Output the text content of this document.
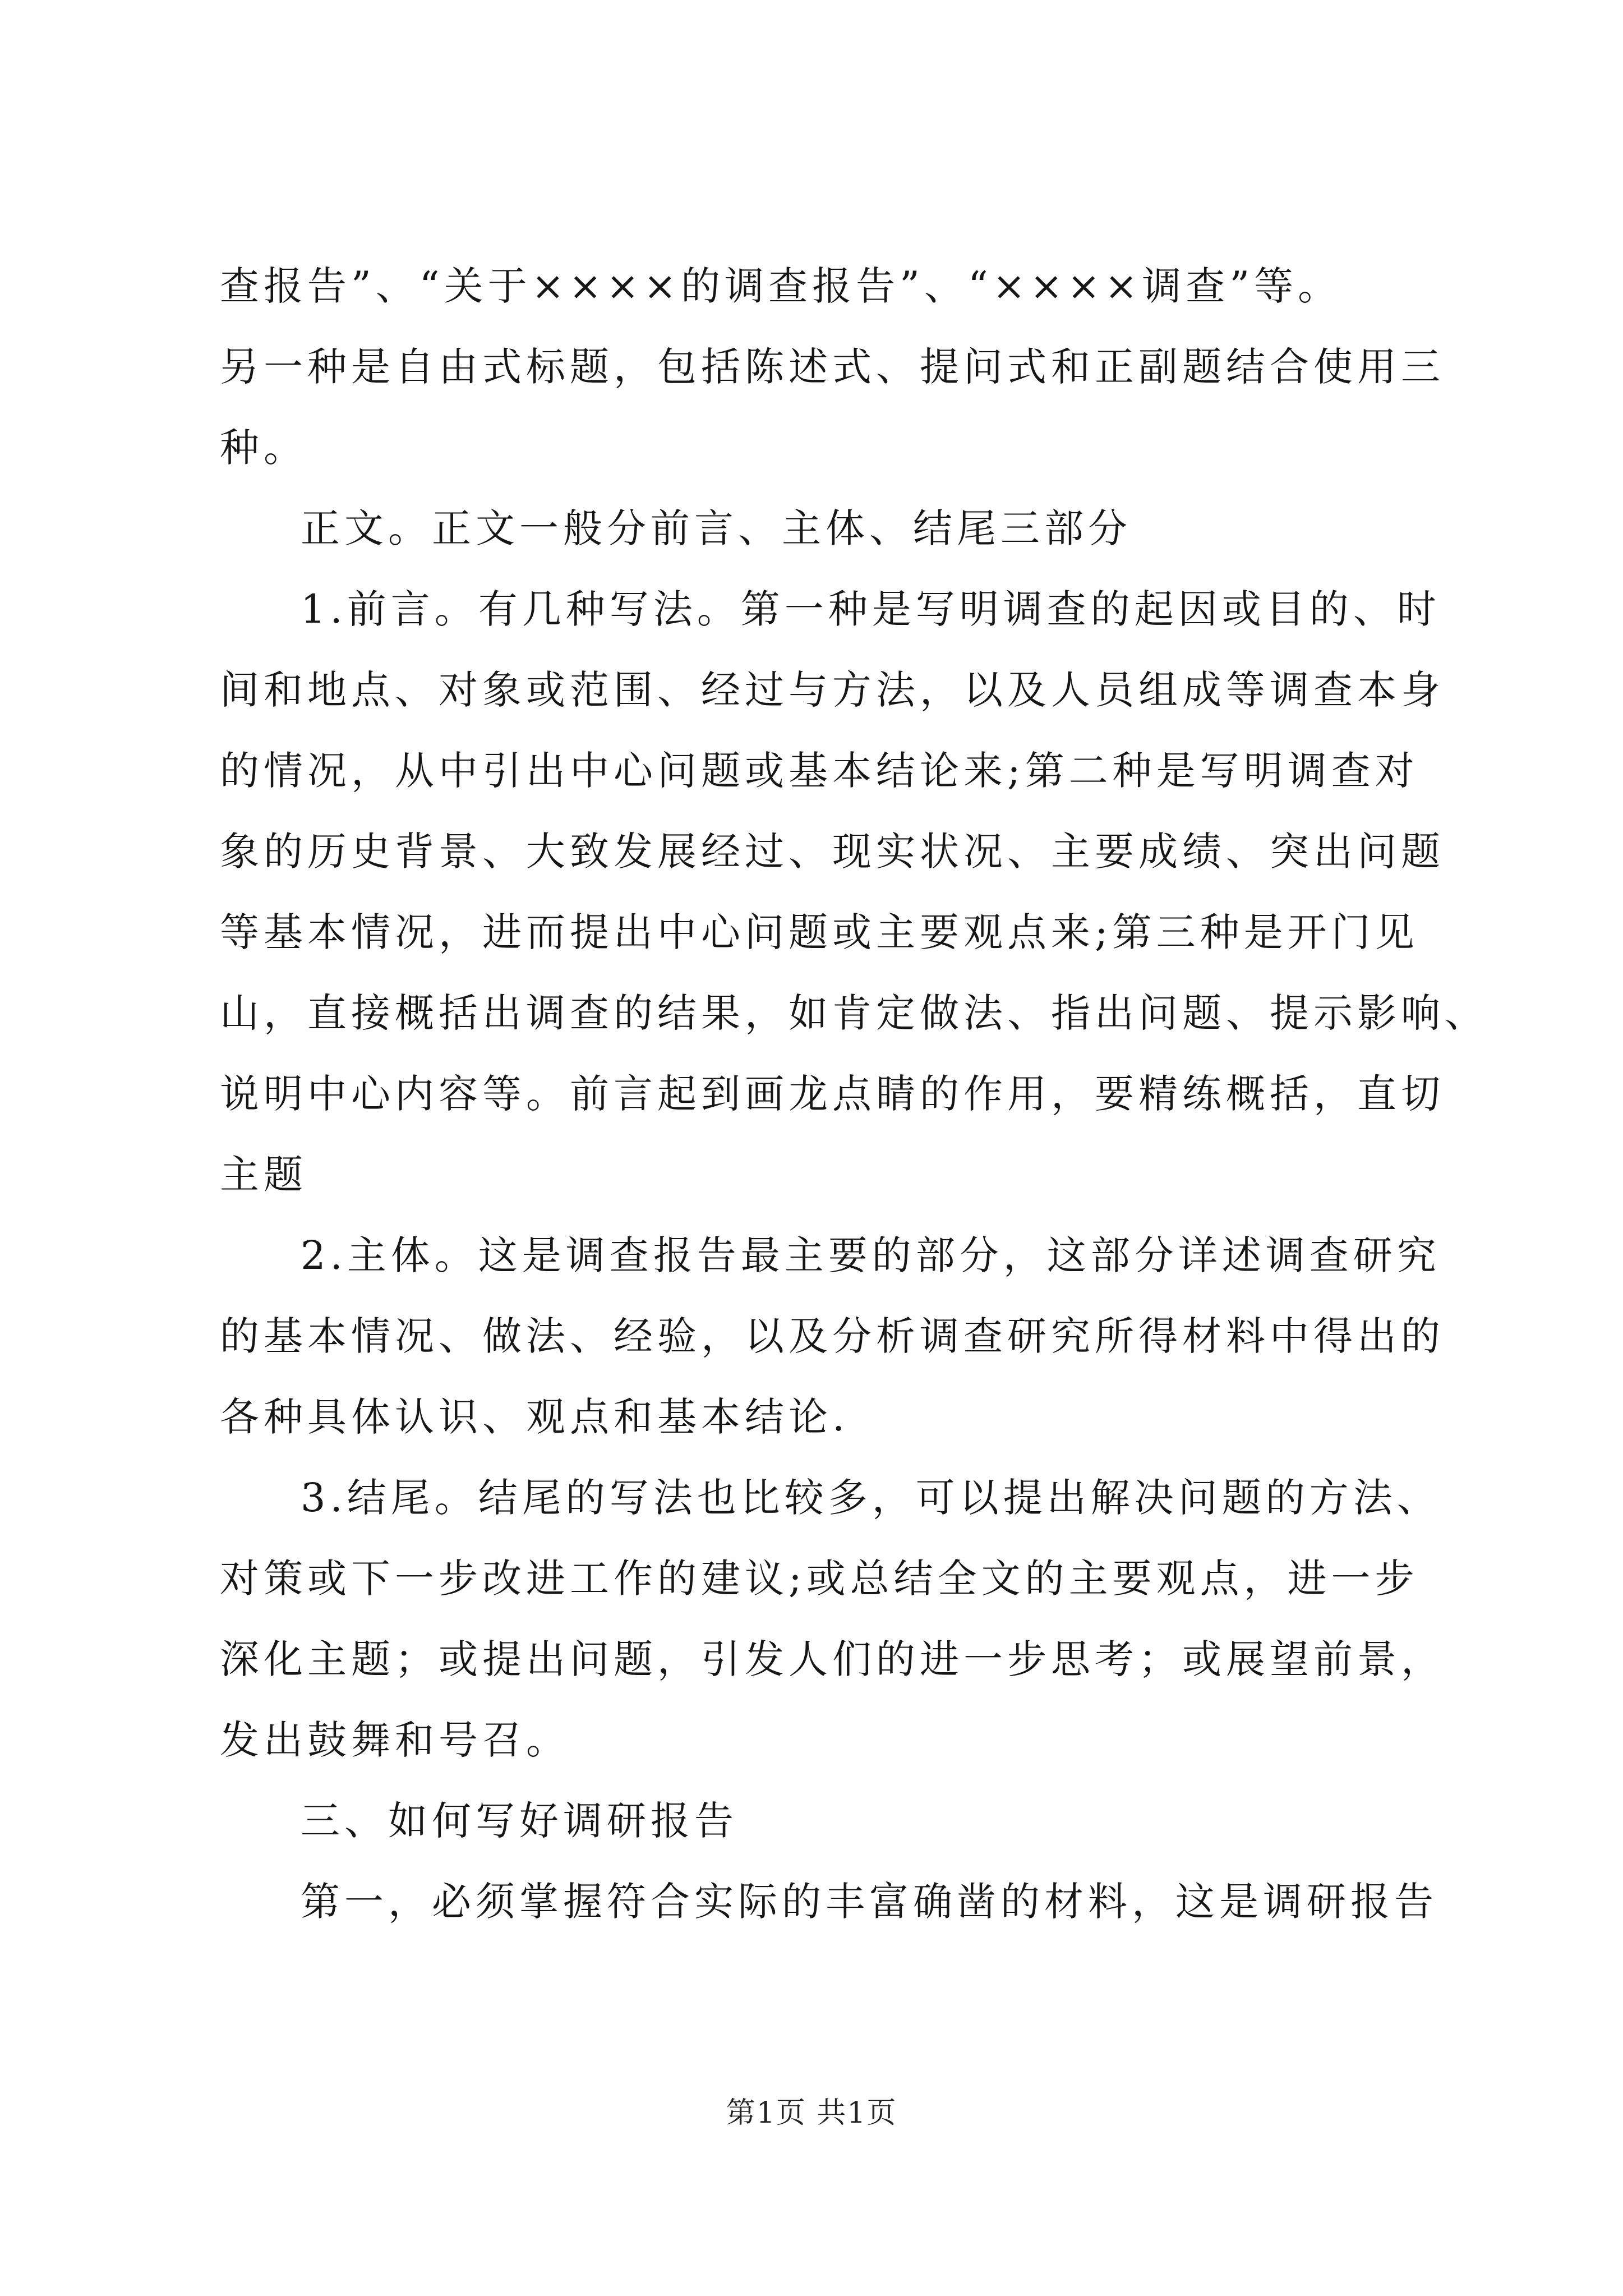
查报告”、“关于××××的调查报告”、“××××调查”等。

另一种是自由式标题，包括陈述式、提问式和正副题结合使用三

种。

正文。正文一般分前言、主体、结尾三部分

1.前言。有几种写法。第一种是写明调查的起因或目的、时

间和地点、对象或范围、经过与方法，以及人员组成等调查本身

的情况，从中引出中心问题或基本结论来;第二种是写明调查对

象的历史背景、大致发展经过、现实状况、主要成绩、突出问题

等基本情况，进而提出中心问题或主要观点来;第三种是开门见

山，直接概括出调查的结果，如肯定做法、指出问题、提示影响、

说明中心内容等。前言起到画龙点睛的作用，要精练概括，直切

主题

2.主体。这是调查报告最主要的部分，这部分详述调查研究

的基本情况、做法、经验，以及分析调查研究所得材料中得出的

各种具体认识、观点和基本结论.

3.结尾。结尾的写法也比较多，可以提出解决问题的方法、

对策或下一步改进工作的建议;或总结全文的主要观点，进一步

深化主题；或提出问题，引发人们的进一步思考；或展望前景，

发出鼓舞和号召。

三、如何写好调研报告

第一，必须掌握符合实际的丰富确凿的材料，这是调研报告

第1页 共1页
